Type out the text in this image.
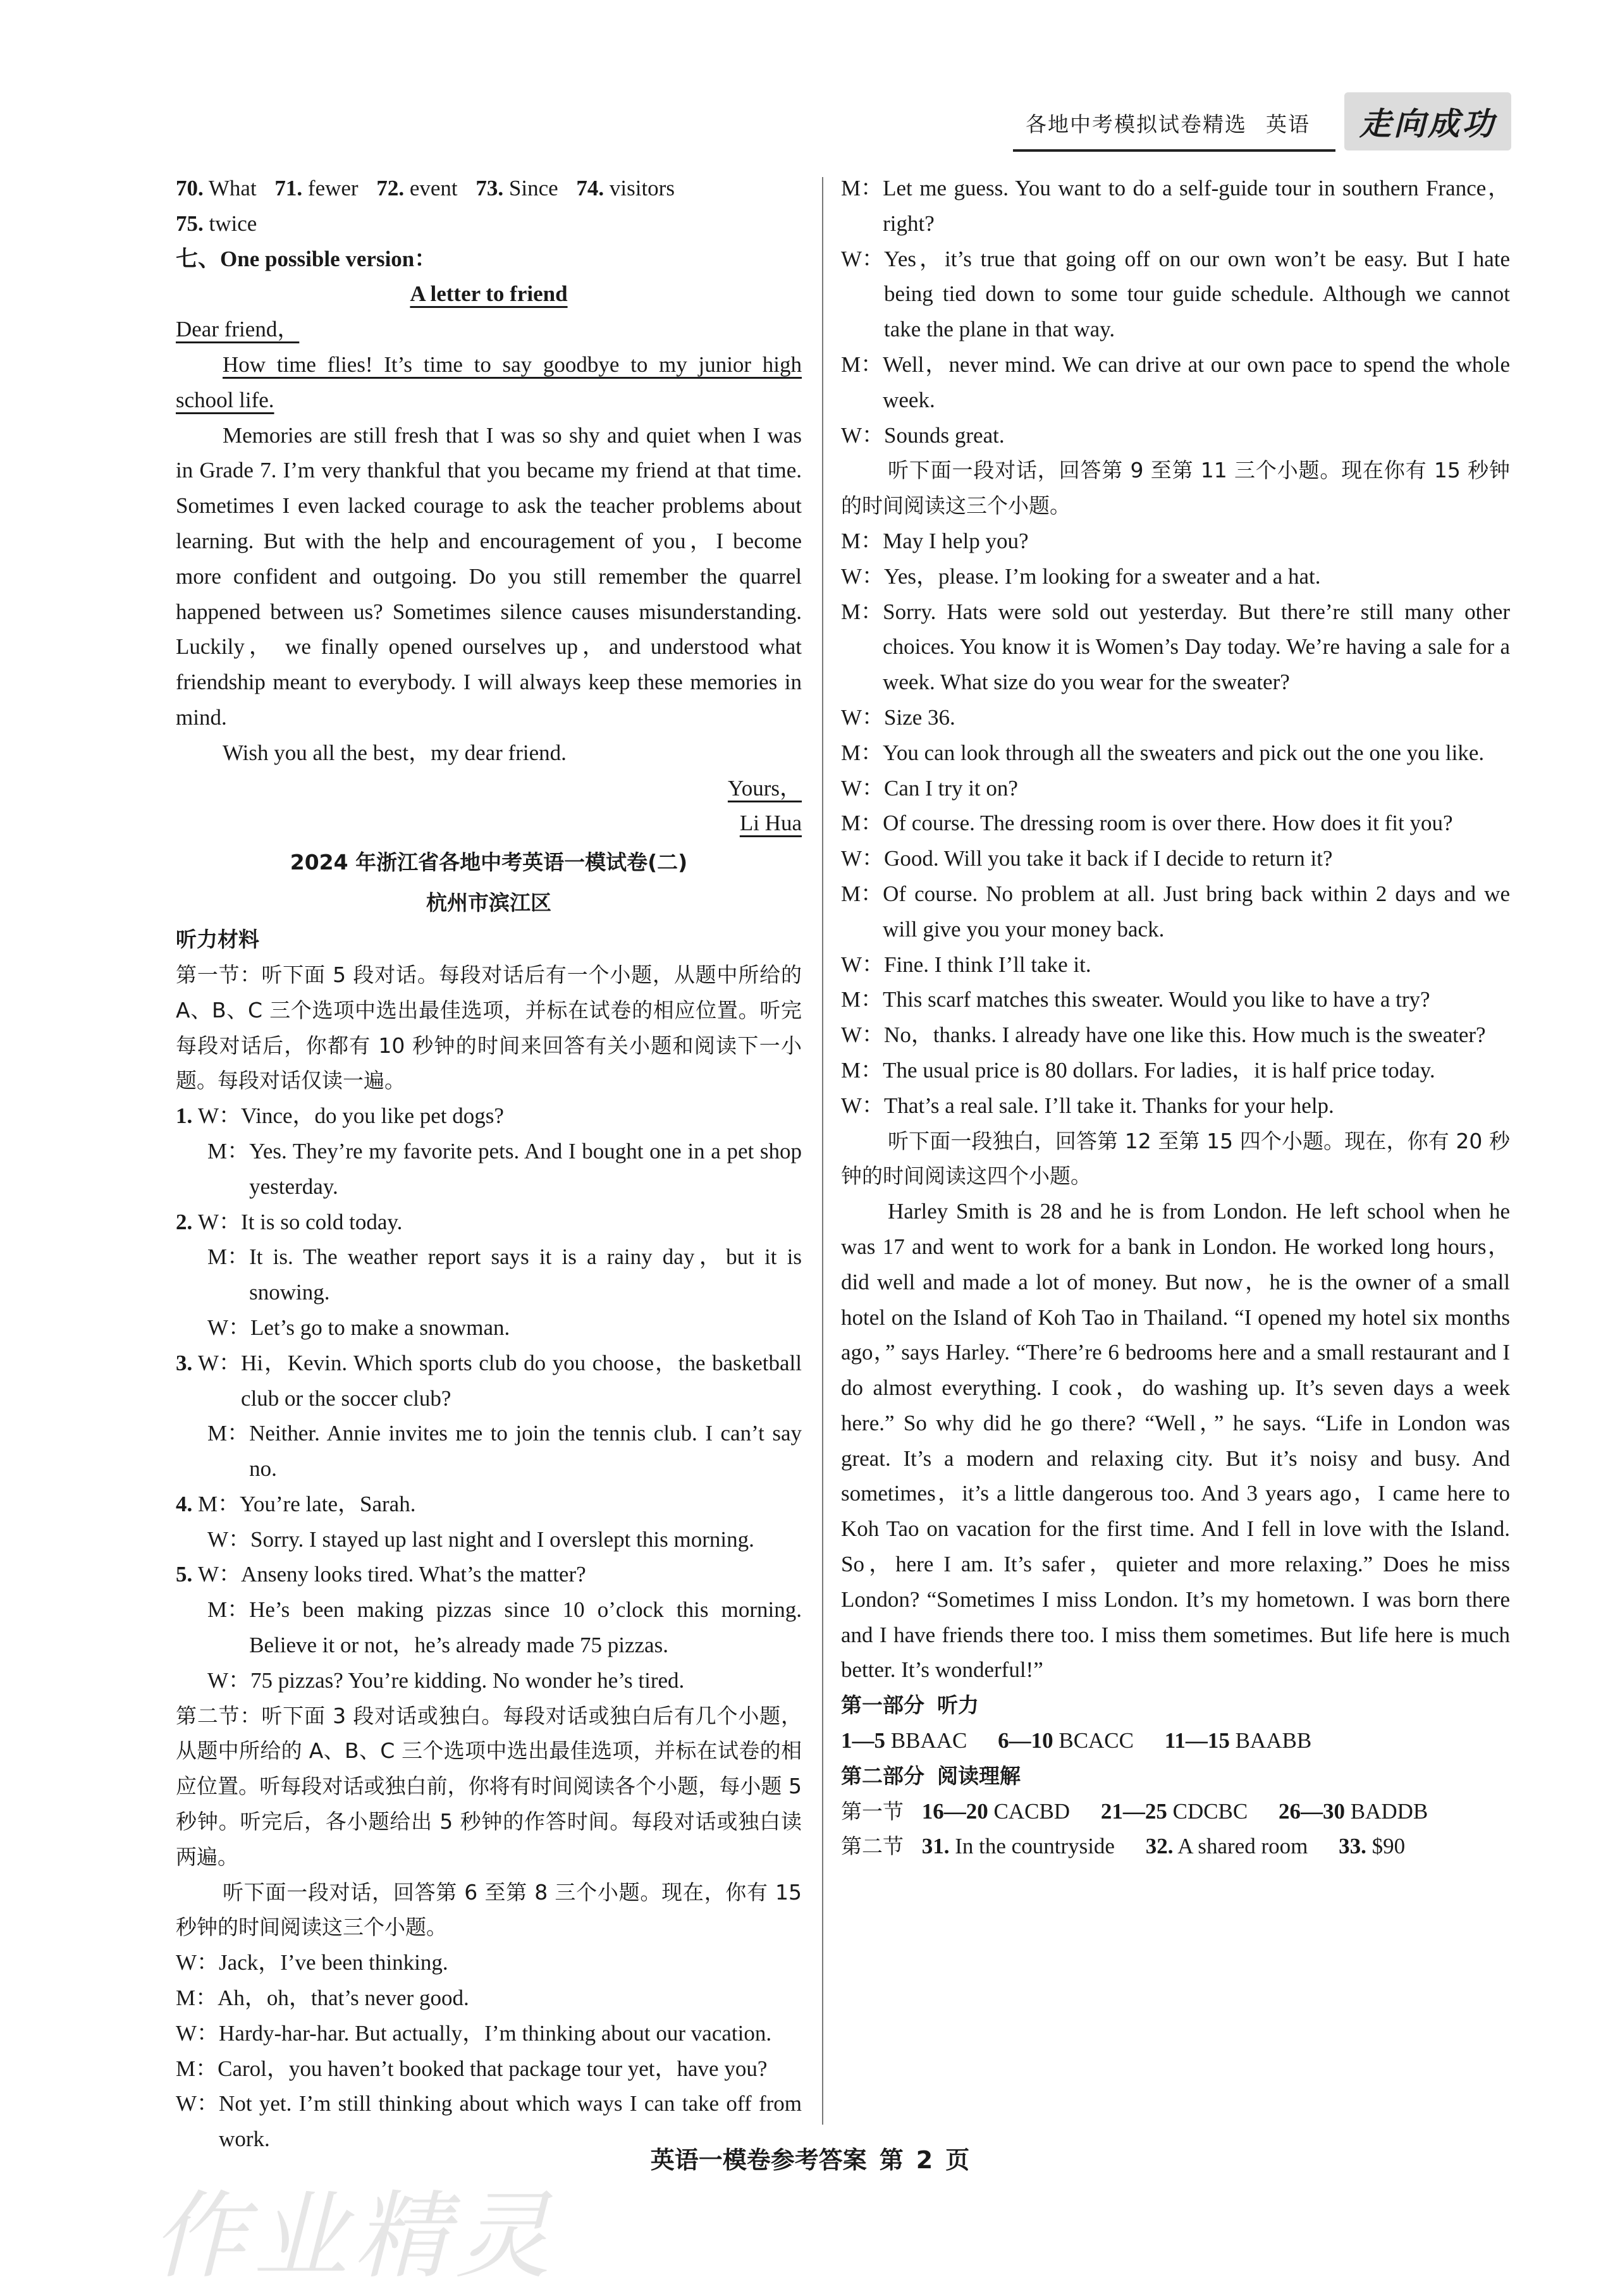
各地中考模拟试卷精选 英语	走向成功

70. What 71. fewer 72. event 73. Since 74. visitors

75. twice

七、One possible version：

A letter to friend

Dear friend，

How time flies! It’s time to say goodbye to my junior high school life.

Memories are still fresh that I was so shy and quiet when I was in Grade 7. I’m very thankful that you became my friend at that time. Sometimes I even lacked courage to ask the teacher problems about learning. But with the help and encouragement of you，I become more confident and outgoing. Do you still remember the quarrel happened between us? Sometimes silence causes misunderstanding. Luckily， we finally opened ourselves up，and understood what friendship meant to everybody. I will always keep these memories in mind.

Wish you all the best，my dear friend.

Yours，

Li Hua

2024 年浙江省各地中考英语一模试卷(二)
杭州市滨江区

听力材料

第一节：听下面 5 段对话。每段对话后有一个小题，从题中所给的 A、B、C 三个选项中选出最佳选项，并标在试卷的相应位置。听完每段对话后，你都有 10 秒钟的时间来回答有关小题和阅读下一小题。每段对话仅读一遍。

1. W： Vince，do you like pet dogs?
M： Yes. They’re my favorite pets. And I bought one in a pet shop yesterday.
2. W： It is so cold today.
M： It is. The weather report says it is a rainy day，but it is snowing.
W： Let’s go to make a snowman.
3. W： Hi，Kevin. Which sports club do you choose，the basketball club or the soccer club?
M： Neither. Annie invites me to join the tennis club. I can’t say no.
4. M： You’re late，Sarah.
W： Sorry. I stayed up last night and I overslept this morning.
5. W： Anseny looks tired. What’s the matter?
M： He’s been making pizzas since 10 o’clock this morning. Believe it or not，he’s already made 75 pizzas.
W： 75 pizzas? You’re kidding. No wonder he’s tired.

第二节：听下面 3 段对话或独白。每段对话或独白后有几个小题，从题中所给的 A、B、C 三个选项中选出最佳选项，并标在试卷的相应位置。听每段对话或独白前，你将有时间阅读各个小题，每小题 5 秒钟。听完后，各小题给出 5 秒钟的作答时间。每段对话或独白读两遍。

听下面一段对话，回答第 6 至第 8 三个小题。现在，你有 15 秒钟的时间阅读这三个小题。

W： Jack，I’ve been thinking.
M： Ah，oh，that’s never good.
W： Hardy-har-har. But actually，I’m thinking about our vacation.
M： Carol，you haven’t booked that package tour yet，have you?
W： Not yet. I’m still thinking about which ways I can take off from work.
M： Let me guess. You want to do a self-guide tour in southern France，right?
W： Yes，it’s true that going off on our own won’t be easy. But I hate being tied down to some tour guide schedule. Although we cannot take the plane in that way.
M： Well，never mind. We can drive at our own pace to spend the whole week.
W： Sounds great.

听下面一段对话，回答第 9 至第 11 三个小题。现在你有 15 秒钟的时间阅读这三个小题。

M： May I help you?
W： Yes，please. I’m looking for a sweater and a hat.
M： Sorry. Hats were sold out yesterday. But there’re still many other choices. You know it is Women’s Day today. We’re having a sale for a week. What size do you wear for the sweater?
W： Size 36.
M： You can look through all the sweaters and pick out the one you like.
W： Can I try it on?
M： Of course. The dressing room is over there. How does it fit you?
W： Good. Will you take it back if I decide to return it?
M： Of course. No problem at all. Just bring back within 2 days and we will give you your money back.
W： Fine. I think I’ll take it.
M： This scarf matches this sweater. Would you like to have a try?
W： No，thanks. I already have one like this. How much is the sweater?
M： The usual price is 80 dollars. For ladies，it is half price today.
W： That’s a real sale. I’ll take it. Thanks for your help.

听下面一段独白，回答第 12 至第 15 四个小题。现在，你有 20 秒钟的时间阅读这四个小题。

Harley Smith is 28 and he is from London. He left school when he was 17 and went to work for a bank in London. He worked long hours，did well and made a lot of money. But now，he is the owner of a small hotel on the Island of Koh Tao in Thailand. “I opened my hotel six months ago，” says Harley. “There’re 6 bedrooms here and a small restaurant and I do almost everything. I cook，do washing up. It’s seven days a week here.” So why did he go there? “Well，” he says. “Life in London was great. It’s a modern and relaxing city. But it’s noisy and busy. And sometimes，it’s a little dangerous too. And 3 years ago，I came here to Koh Tao on vacation for the first time. And I fell in love with the Island. So，here I am. It’s safer，quieter and more relaxing.” Does he miss London? “Sometimes I miss London. It’s my hometown. I was born there and I have friends there too. I miss them sometimes. But life here is much better. It’s wonderful!”

第一部分 听力

1—5 BBAAC 6—10 BCACC 11—15 BAABB

第二部分 阅读理解

第一节 16—20 CACBD 21—25 CDCBC 26—30 BADDB

第二节 31. In the countryside 32. A shared room 33. $90

英语一模卷参考答案 第 2 页
作业精灵
